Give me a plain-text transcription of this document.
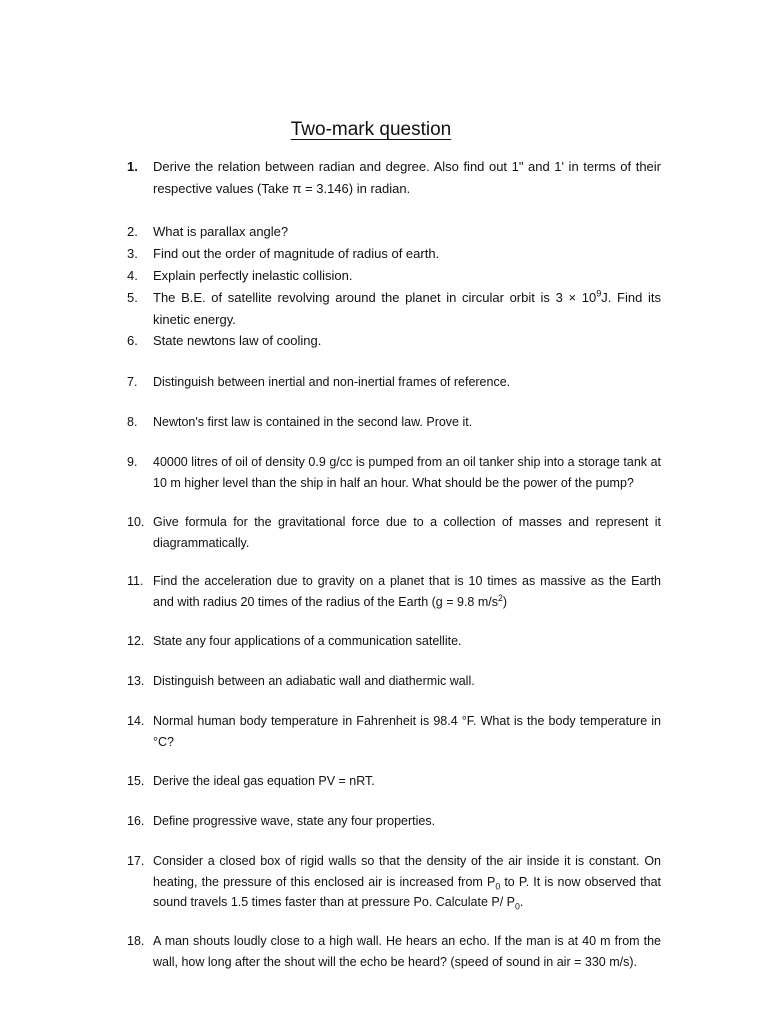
Two-mark question
1.	Derive the relation between radian and degree. Also find out 1" and 1' in terms of their respective values (Take π = 3.146) in radian.
2.	What is parallax angle?
3.	Find out the order of magnitude of radius of earth.
4.	Explain perfectly inelastic collision.
5.	The B.E. of satellite revolving around the planet in circular orbit is $3 \times 10^9J$. Find its kinetic energy.
6.	State newtons law of cooling.
7.	Distinguish between inertial and non-inertial frames of reference.
8.	Newton's first law is contained in the second law. Prove it.
9.	40000 litres of oil of density 0.9 g/cc is pumped from an oil tanker ship into a storage tank at 10 m higher level than the ship in half an hour. What should be the power of the pump?
10. Give formula for the gravitational force due to a collection of masses and represent it diagrammatically.
11. Find the acceleration due to gravity on a planet that is 10 times as massive as the Earth and with radius 20 times of the radius of the Earth (g = 9.8 $m/s^2$)
12. State any four applications of a communication satellite.
13. Distinguish between an adiabatic wall and diathermic wall.
14. Normal human body temperature in Fahrenheit is 98.4 °F. What is the body temperature in °C?
15. Derive the ideal gas equation PV = nRT.
16. Define progressive wave, state any four properties.
17. Consider a closed box of rigid walls so that the density of the air inside it is constant. On heating, the pressure of this enclosed air is increased from $P_0$ to P. It is now observed that sound travels 1.5 times faster than at pressure Po. Calculate P/ $P_0$.
18. A man shouts loudly close to a high wall. He hears an echo. If the man is at 40 m from the wall, how long after the shout will the echo be heard? (speed of sound in air = 330 m/s).
